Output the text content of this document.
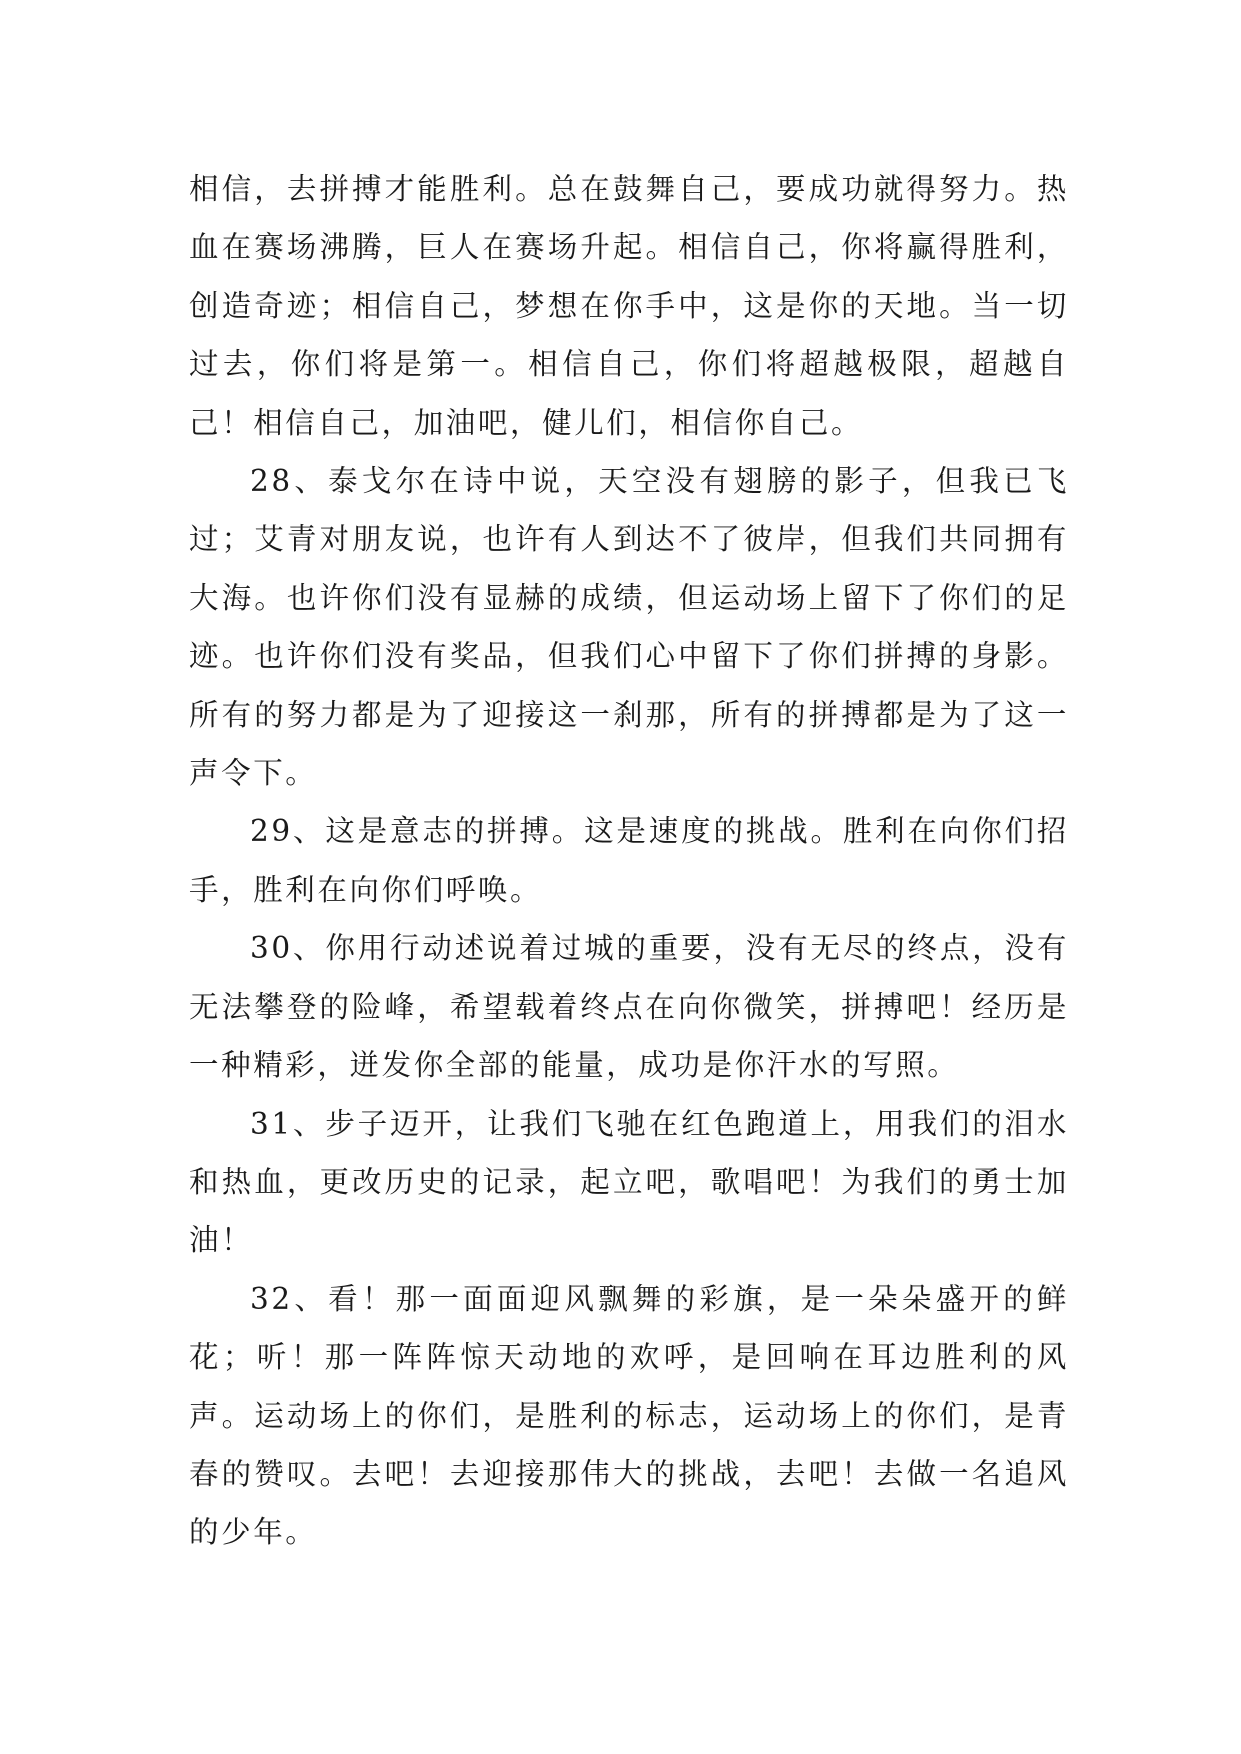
相信，去拼搏才能胜利。总在鼓舞自己，要成功就得努力。热血在赛场沸腾，巨人在赛场升起。相信自己，你将赢得胜利，创造奇迹；相信自己，梦想在你手中，这是你的天地。当一切过去，你们将是第一。相信自己，你们将超越极限，超越自己！相信自己，加油吧，健儿们，相信你自己。

28、泰戈尔在诗中说，天空没有翅膀的影子，但我已飞过；艾青对朋友说，也许有人到达不了彼岸，但我们共同拥有大海。也许你们没有显赫的成绩，但运动场上留下了你们的足迹。也许你们没有奖品，但我们心中留下了你们拼搏的身影。所有的努力都是为了迎接这一刹那，所有的拼搏都是为了这一声令下。

29、这是意志的拼搏。这是速度的挑战。胜利在向你们招手，胜利在向你们呼唤。

30、你用行动述说着过城的重要，没有无尽的终点，没有无法攀登的险峰，希望载着终点在向你微笑，拼搏吧！经历是一种精彩，迸发你全部的能量，成功是你汗水的写照。

31、步子迈开，让我们飞驰在红色跑道上，用我们的泪水和热血，更改历史的记录，起立吧，歌唱吧！为我们的勇士加油！

32、看！那一面面迎风飘舞的彩旗，是一朵朵盛开的鲜花；听！那一阵阵惊天动地的欢呼，是回响在耳边胜利的风声。运动场上的你们，是胜利的标志，运动场上的你们，是青春的赞叹。去吧！去迎接那伟大的挑战，去吧！去做一名追风的少年。
